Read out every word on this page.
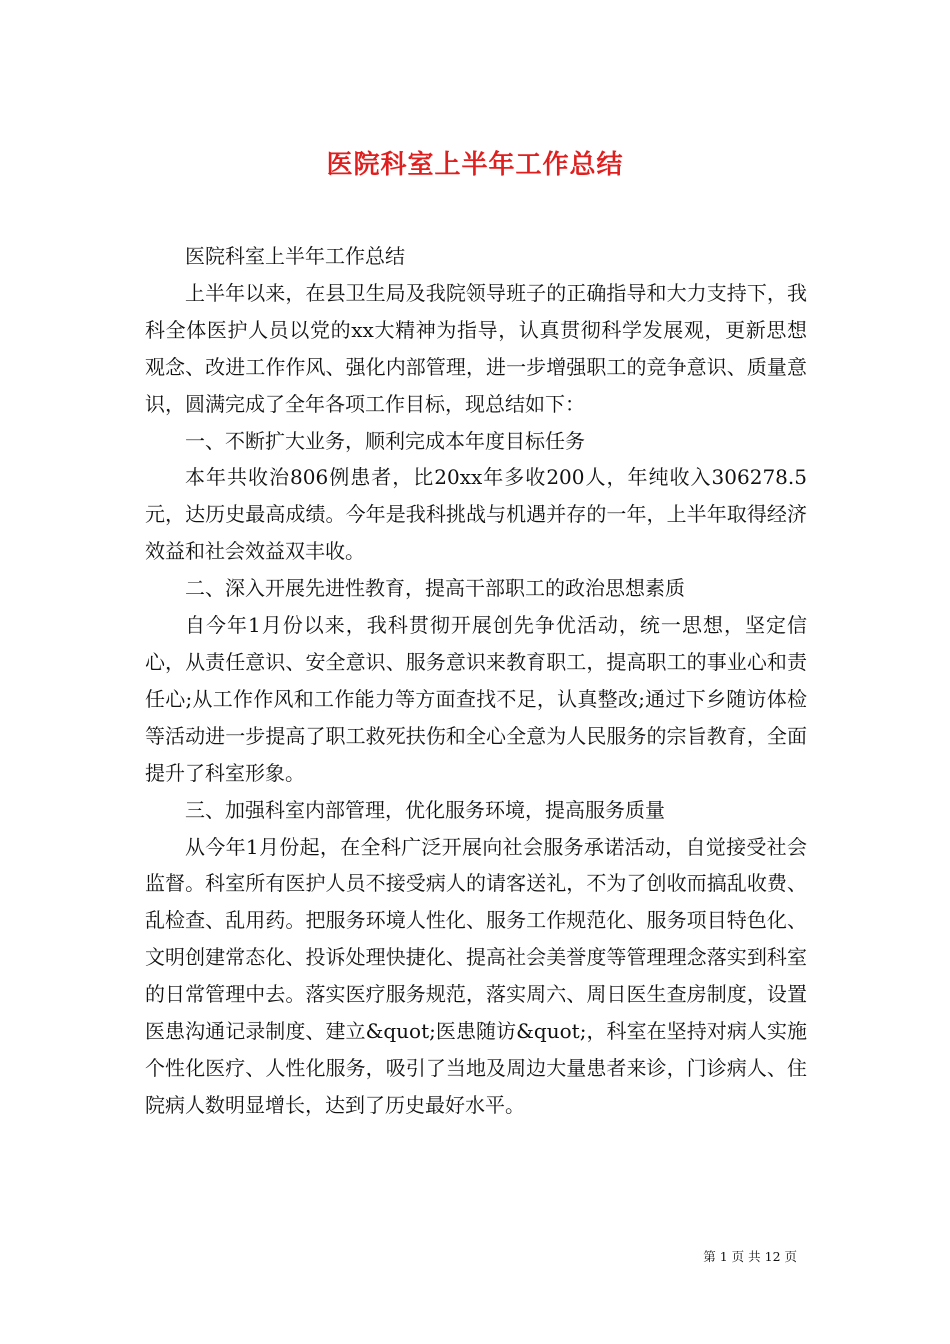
医院科室上半年工作总结

医院科室上半年工作总结

上半年以来，在县卫生局及我院领导班子的正确指导和大力支持下，我科全体医护人员以党的xx大精神为指导，认真贯彻科学发展观，更新思想观念、改进工作作风、强化内部管理，进一步增强职工的竞争意识、质量意识，圆满完成了全年各项工作目标，现总结如下：

一、不断扩大业务，顺利完成本年度目标任务

本年共收治806例患者，比20xx年多收200人，年纯收入306278.5元，达历史最高成绩。今年是我科挑战与机遇并存的一年，上半年取得经济效益和社会效益双丰收。

二、深入开展先进性教育，提高干部职工的政治思想素质

自今年1月份以来，我科贯彻开展创先争优活动，统一思想，坚定信心，从责任意识、安全意识、服务意识来教育职工，提高职工的事业心和责任心;从工作作风和工作能力等方面查找不足，认真整改;通过下乡随访体检等活动进一步提高了职工救死扶伤和全心全意为人民服务的宗旨教育，全面提升了科室形象。

三、加强科室内部管理，优化服务环境，提高服务质量

从今年1月份起，在全科广泛开展向社会服务承诺活动，自觉接受社会监督。科室所有医护人员不接受病人的请客送礼，不为了创收而搞乱收费、乱检查、乱用药。把服务环境人性化、服务工作规范化、服务项目特色化、文明创建常态化、投诉处理快捷化、提高社会美誉度等管理理念落实到科室的日常管理中去。落实医疗服务规范，落实周六、周日医生查房制度，设置医患沟通记录制度、建立&quot;医患随访&quot;，科室在坚持对病人实施个性化医疗、人性化服务，吸引了当地及周边大量患者来诊，门诊病人、住院病人数明显增长，达到了历史最好水平。

第 1 页 共 12 页
